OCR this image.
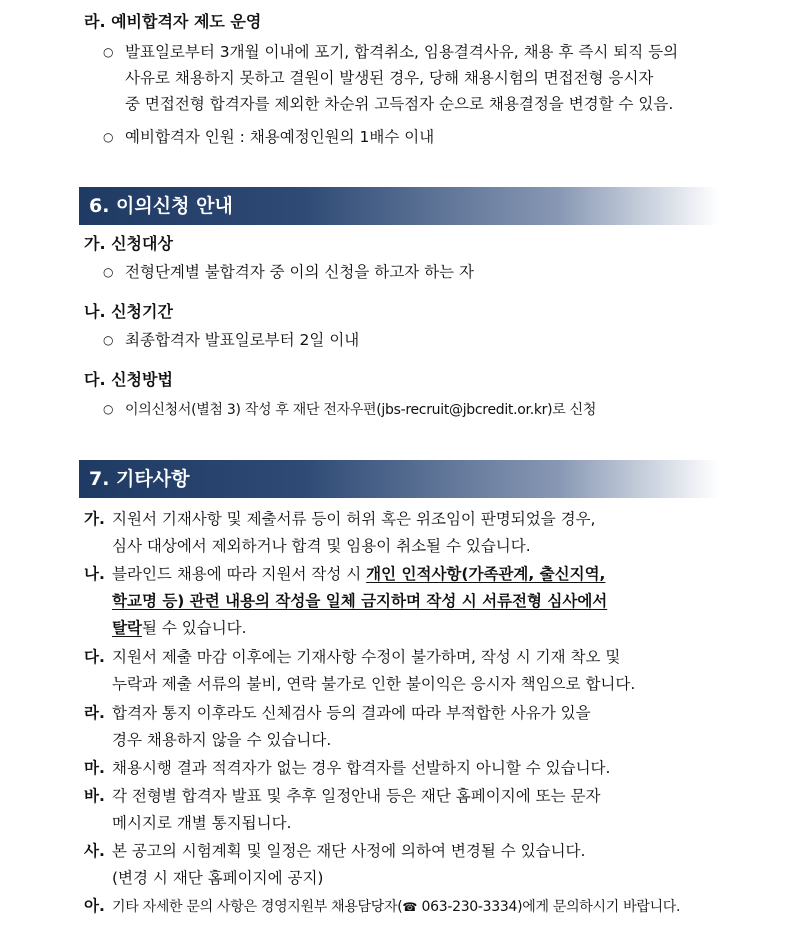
라. 예비합격자 제도 운영
○ 발표일로부터 3개월 이내에 포기, 합격취소, 임용결격사유, 채용 후 즉시 퇴직 등의
사유로 채용하지 못하고 결원이 발생된 경우, 당해 채용시험의 면접전형 응시자
중 면접전형 합격자를 제외한 차순위 고득점자 순으로 채용결정을 변경할 수 있음.
○ 예비합격자 인원 : 채용예정인원의 1배수 이내
6. 이의신청 안내
가. 신청대상
○ 전형단계별 불합격자 중 이의 신청을 하고자 하는 자
나. 신청기간
○ 최종합격자 발표일로부터 2일 이내
다. 신청방법
○ 이의신청서(별첨 3) 작성 후 재단 전자우편(jbs-recruit@jbcredit.or.kr)로 신청
7. 기타사항
가. 지원서 기재사항 및 제출서류 등이 허위 혹은 위조임이 판명되었을 경우,
심사 대상에서 제외하거나 합격 및 임용이 취소될 수 있습니다.
나. 블라인드 채용에 따라 지원서 작성 시 개인 인적사항(가족관계, 출신지역,
학교명 등) 관련 내용의 작성을 일체 금지하며 작성 시 서류전형 심사에서
탈락될 수 있습니다.
다. 지원서 제출 마감 이후에는 기재사항 수정이 불가하며, 작성 시 기재 착오 및
누락과 제출 서류의 불비, 연락 불가로 인한 불이익은 응시자 책임으로 합니다.
라. 합격자 통지 이후라도 신체검사 등의 결과에 따라 부적합한 사유가 있을
경우 채용하지 않을 수 있습니다.
마. 채용시행 결과 적격자가 없는 경우 합격자를 선발하지 아니할 수 있습니다.
바. 각 전형별 합격자 발표 및 추후 일정안내 등은 재단 홈페이지에 또는 문자
메시지로 개별 통지됩니다.
사. 본 공고의 시험계획 및 일정은 재단 사정에 의하여 변경될 수 있습니다.
(변경 시 재단 홈페이지에 공지)
아. 기타 자세한 문의 사항은 경영지원부 채용담당자(☎ 063-230-3334)에게 문의하시기 바랍니다.
